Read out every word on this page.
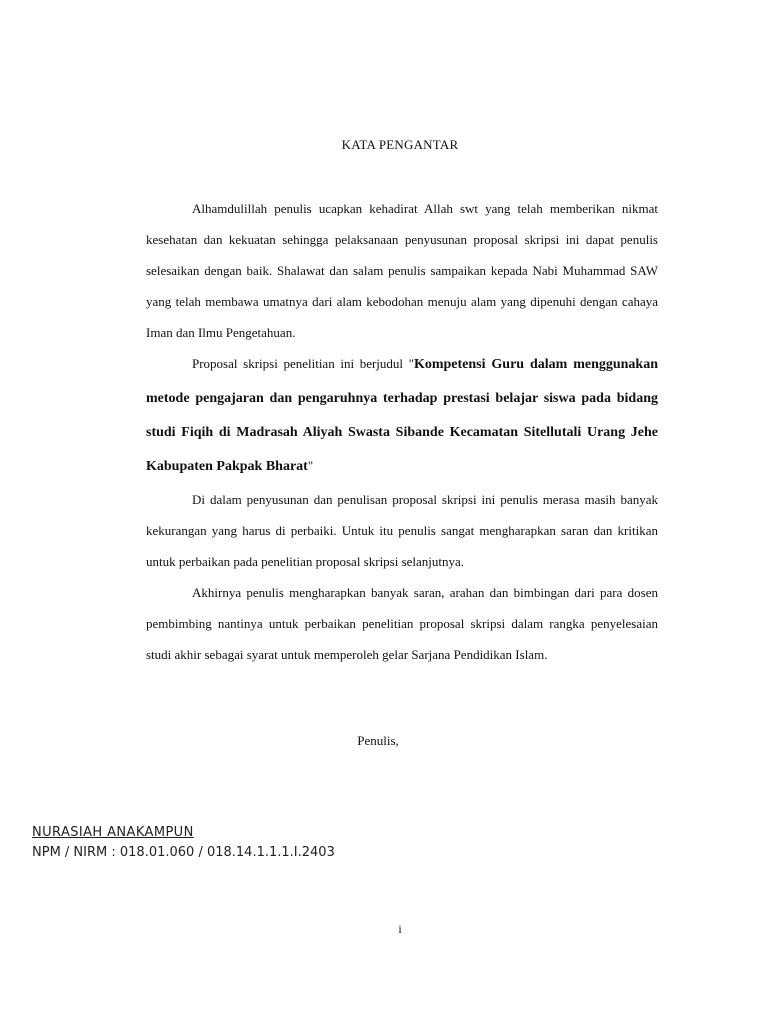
KATA PENGANTAR

Alhamdulillah penulis ucapkan kehadirat Allah swt yang telah memberikan nikmat kesehatan dan kekuatan sehingga pelaksanaan penyusunan proposal skripsi ini dapat penulis selesaikan dengan baik. Shalawat dan salam penulis sampaikan kepada Nabi Muhammad SAW yang telah membawa umatnya dari alam kebodohan menuju alam yang dipenuhi dengan cahaya Iman dan Ilmu Pengetahuan.

Proposal skripsi penelitian ini berjudul "Kompetensi Guru dalam menggunakan metode pengajaran dan pengaruhnya terhadap prestasi belajar siswa pada bidang studi Fiqih di Madrasah Aliyah Swasta Sibande Kecamatan Sitellutali Urang Jehe Kabupaten Pakpak Bharat"

Di dalam penyusunan dan penulisan proposal skripsi ini penulis merasa masih banyak kekurangan yang harus di perbaiki. Untuk itu penulis sangat mengharapkan saran dan kritikan untuk perbaikan pada penelitian proposal skripsi selanjutnya.

Akhirnya penulis mengharapkan banyak saran, arahan dan bimbingan dari para dosen pembimbing nantinya untuk perbaikan penelitian proposal skripsi dalam rangka penyelesaian studi akhir sebagai syarat untuk memperoleh gelar Sarjana Pendidikan Islam.

Penulis,
NURASIAH ANAKAMPUN
NPM / NIRM : 018.01.060 / 018.14.1.1.1.I.2403
i
